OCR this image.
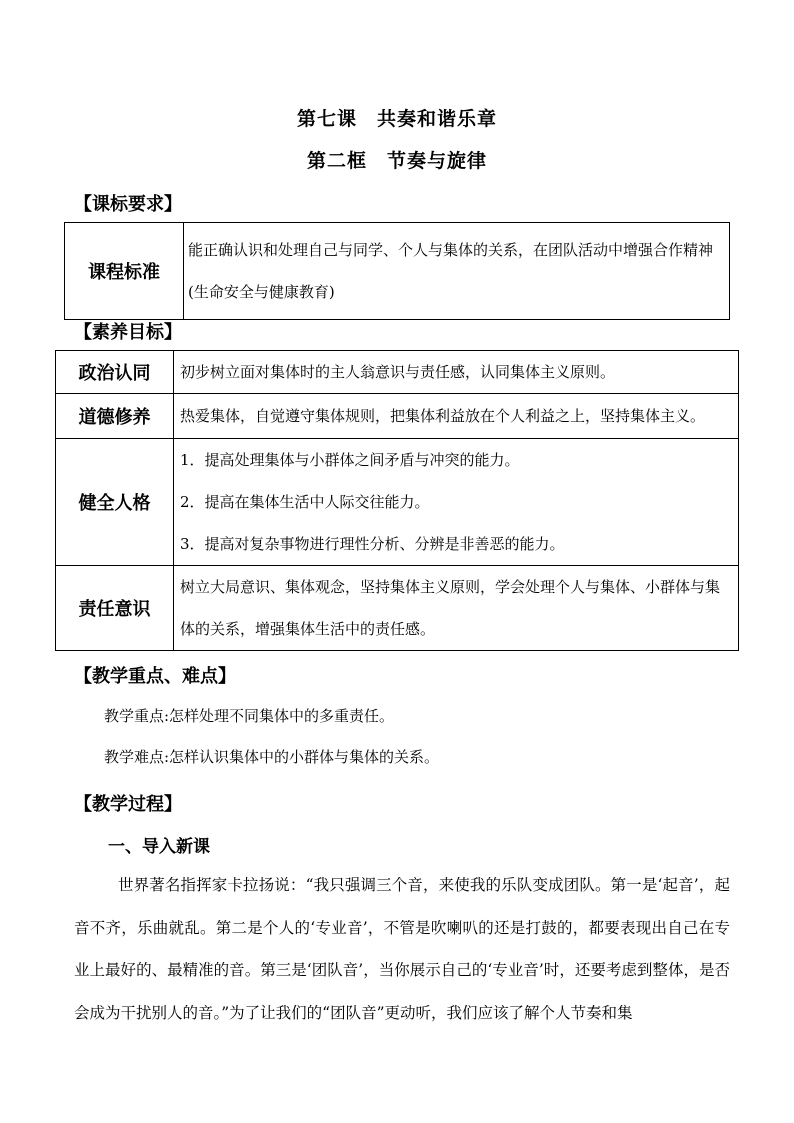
第七课　共奏和谐乐章
第二框　节奏与旋律
【课标要求】
课程标准	能正确认识和处理自己与同学、个人与集体的关系，在团队活动中增强合作精神(生命安全与健康教育)
【素养目标】
政治认同	初步树立面对集体时的主人翁意识与责任感，认同集体主义原则。

道德修养	热爱集体，自觉遵守集体规则，把集体利益放在个人利益之上，坚持集体主义。

健全人格	1．提高处理集体与小群体之间矛盾与冲突的能力。

2．提高在集体生活中人际交往能力。

3．提高对复杂事物进行理性分析、分辨是非善恶的能力。

责任意识	树立大局意识、集体观念，坚持集体主义原则，学会处理个人与集体、小群体与集体的关系，增强集体生活中的责任感。

【教学重点、难点】
教学重点:怎样处理不同集体中的多重责任。
教学难点:怎样认识集体中的小群体与集体的关系。
【教学过程】
一、导入新课
世界著名指挥家卡拉扬说：“我只强调三个音，来使我的乐队变成团队。第一是‘起音’，起音不齐，乐曲就乱。第二是个人的‘专业音’，不管是吹喇叭的还是打鼓的，都要表现出自己在专业上最好的、最精准的音。第三是‘团队音’，当你展示自己的‘专业音’时，还要考虑到整体，是否会成为干扰别人的音。”为了让我们的“团队音”更动听，我们应该了解个人节奏和集
